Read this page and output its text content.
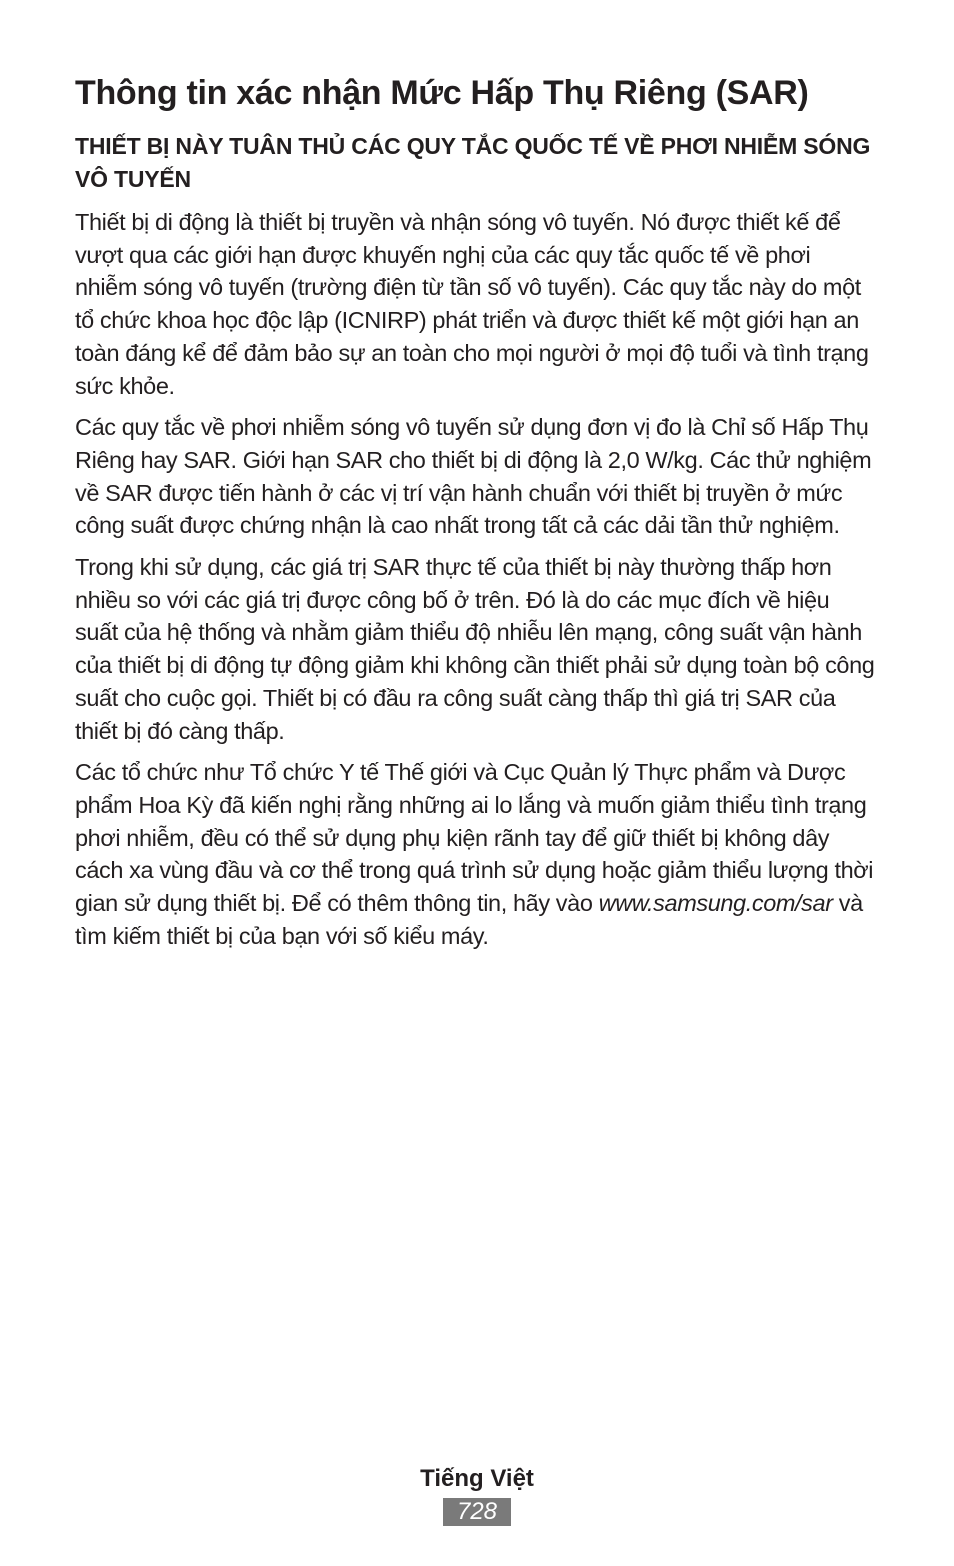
Thông tin xác nhận Mức Hấp Thụ Riêng (SAR)
THIẾT BỊ NÀY TUÂN THỦ CÁC QUY TẮC QUỐC TẾ VỀ PHƠI NHIỄM SÓNG VÔ TUYẾN

Thiết bị di động là thiết bị truyền và nhận sóng vô tuyến. Nó được thiết kế để vượt qua các giới hạn được khuyến nghị của các quy tắc quốc tế về phơi nhiễm sóng vô tuyến (trường điện từ tần số vô tuyến). Các quy tắc này do một tổ chức khoa học độc lập (ICNIRP) phát triển và được thiết kế một giới hạn an toàn đáng kể để đảm bảo sự an toàn cho mọi người ở mọi độ tuổi và tình trạng sức khỏe.

Các quy tắc về phơi nhiễm sóng vô tuyến sử dụng đơn vị đo là Chỉ số Hấp Thụ Riêng hay SAR. Giới hạn SAR cho thiết bị di động là 2,0 W/kg. Các thử nghiệm về SAR được tiến hành ở các vị trí vận hành chuẩn với thiết bị truyền ở mức công suất được chứng nhận là cao nhất trong tất cả các dải tần thử nghiệm.

Trong khi sử dụng, các giá trị SAR thực tế của thiết bị này thường thấp hơn nhiều so với các giá trị được công bố ở trên. Đó là do các mục đích về hiệu suất của hệ thống và nhằm giảm thiểu độ nhiễu lên mạng, công suất vận hành của thiết bị di động tự động giảm khi không cần thiết phải sử dụng toàn bộ công suất cho cuộc gọi. Thiết bị có đầu ra công suất càng thấp thì giá trị SAR của thiết bị đó càng thấp.

Các tổ chức như Tổ chức Y tế Thế giới và Cục Quản lý Thực phẩm và Dược phẩm Hoa Kỳ đã kiến nghị rằng những ai lo lắng và muốn giảm thiểu tình trạng phơi nhiễm, đều có thể sử dụng phụ kiện rãnh tay để giữ thiết bị không dây cách xa vùng đầu và cơ thể trong quá trình sử dụng hoặc giảm thiểu lượng thời gian sử dụng thiết bị. Để có thêm thông tin, hãy vào www.samsung.com/sar và tìm kiếm thiết bị của bạn với số kiểu máy.

Tiếng Việt
728
